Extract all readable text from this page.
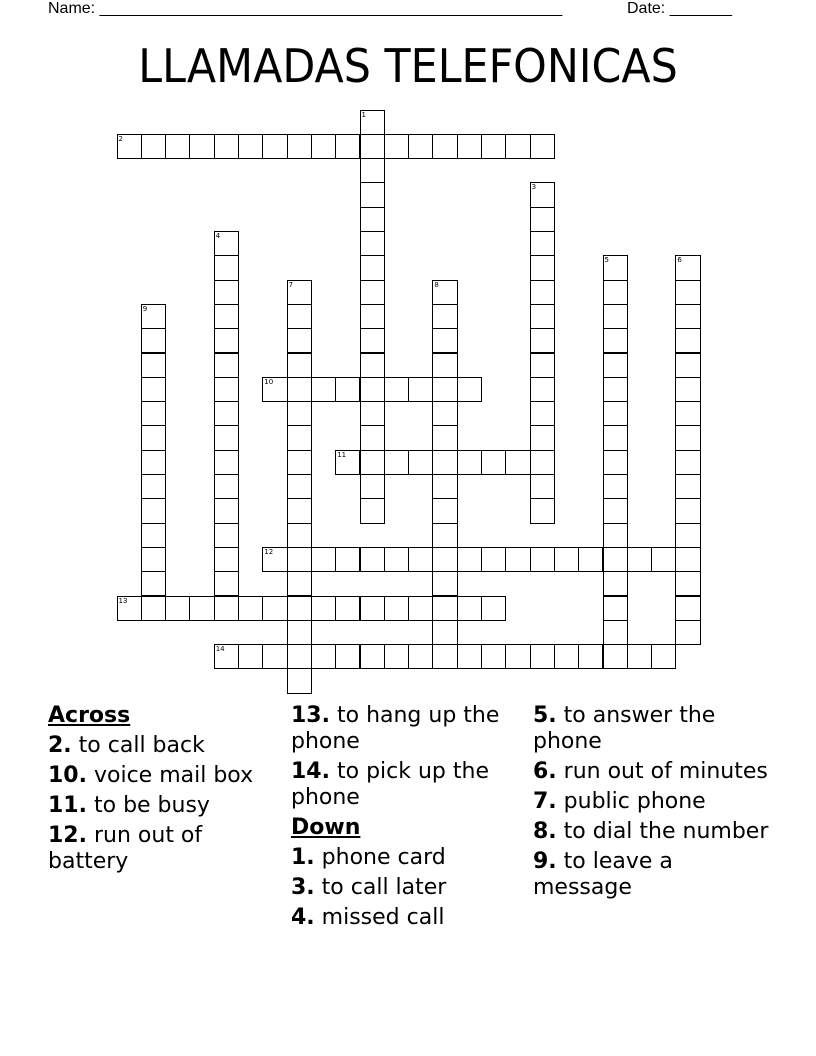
Name: ____________________________________________________	Date: _______
LLAMADAS TELEFONICAS
1
2
3
4
5	6
7	8
9
10
11
12
13
14
Across
2. to call back
10. voice mail box
11. to be busy
12. run out of battery
13. to hang up the phone
14. to pick up the phone
Down
1. phone card
3. to call later
4. missed call
5. to answer the phone
6. run out of minutes
7. public phone
8. to dial the number
9. to leave a message
